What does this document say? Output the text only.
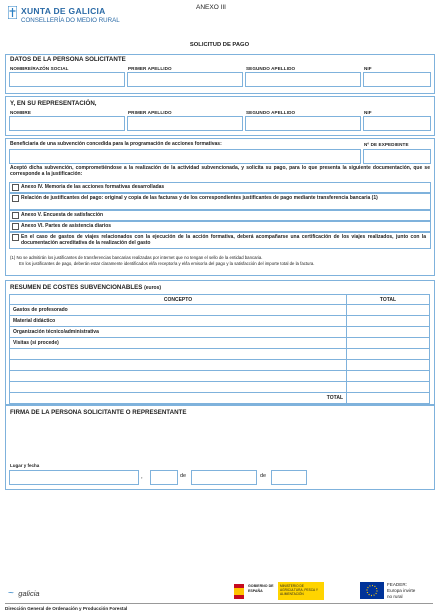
XUNTA DE GALICIA
CONSELLERÍA DO MEDIO RURAL
ANEXO III
SOLICITUD DE PAGO
DATOS DE LA PERSONA SOLICITANTE
NOMBRE/RAZÓN SOCIAL	PRIMER APELLIDO	SEGUNDO APELLIDO	NIF
Y, EN SU REPRESENTACIÓN,
NOMBRE	PRIMER APELLIDO	SEGUNDO APELLIDO	NIF
Beneficiaria de una subvención concedida para la programación de acciones formativas:	Nº DE EXPEDIENTE
Aceptó dicha subvención, comprometiéndose a la realización de la actividad subvencionada, y solicita su pago, para lo que presenta la siguiente documentación, que se corresponde a la justificación:
Anexo IV. Memoria de las acciones formativas desarrolladas
Relación de justificantes del pago: original y copia de las facturas y de los correspondientes justificantes de pago mediante transferencia bancaria (1)
Anexo V. Encuesta de satisfacción
Anexo VI. Partes de asistencia diarios
En el caso de gastos de viajes relacionados con la ejecución de la acción formativa, deberá acompañarse una certificación de los viajes realizados, junto con la documentación acreditativa de la realización del gasto
(1) No se admitirán los justificantes de transferencias bancarias realizadas por internet que no tengan el sello de la entidad bancaria.
En los justificantes de pago, deberán estar claramente identificados el/la receptor/a y el/la emisor/a del pago y la satisfacción del importe total de la factura.
RESUMEN DE COSTES SUBVENCIONABLES (euros)
CONCEPTO	TOTAL
Gastos de profesorado	
Material didáctico	
Organización técnico/administrativa	
Visitas (si procede)	

TOTAL	
FIRMA DE LA PERSONA SOLICITANTE O REPRESENTANTE
Lugar y fecha
,	de	de
~ galicia
GOBIERNO DE ESPAÑA
MINISTERIO DE AGRICULTURA, PESCA Y ALIMENTACIÓN
FEADER:
Europa invirte
no rural
Dirección General de Ordenación y Producción Forestal
